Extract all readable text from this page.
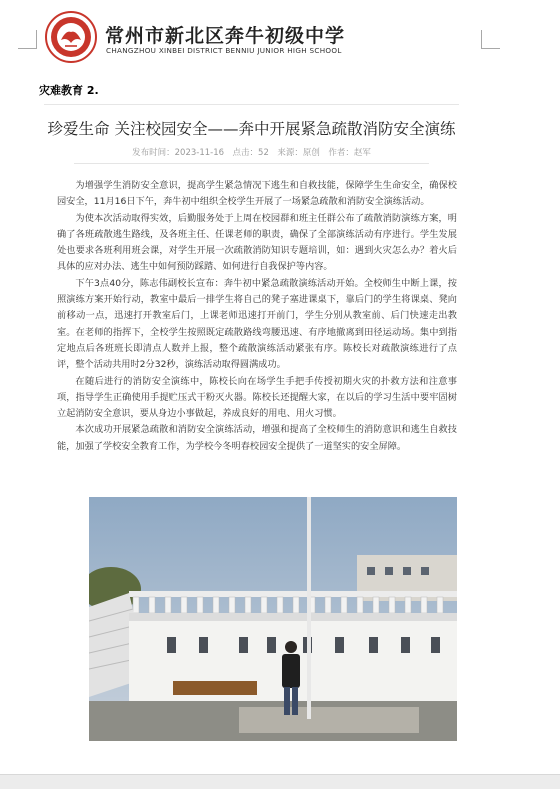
常州市新北区奔牛初级中学
CHANGZHOU XINBEI DISTRICT BENNIU JUNIOR HIGH SCHOOL
灾难教育 2.
珍爱生命 关注校园安全——奔中开展紧急疏散消防安全演练
发布时间：2023-11-16　点击：52　来源：原创　作者：赵军

为增强学生消防安全意识，提高学生紧急情况下逃生和自救技能，保障学生生命安全，确保校园安全，11月16日下午，奔牛初中组织全校学生开展了一场紧急疏散和消防安全演练活动。

为使本次活动取得实效，后勤服务处于上周在校园群和班主任群公布了疏散消防演练方案，明确了各班疏散逃生路线，及各班主任、任课老师的职责，确保了全部演练活动有序进行。学生发展处也要求各班利用班会课，对学生开展一次疏散消防知识专题培训，如：遇到火灾怎么办？着火后具体的应对办法、逃生中如何预防踩踏、如何进行自我保护等内容。

下午3点40分，陈志伟副校长宣布：奔牛初中紧急疏散演练活动开始。全校师生中断上课，按照演练方案开始行动，教室中最后一排学生将自己的凳子塞进课桌下，靠后门的学生将课桌、凳向前移动一点，迅速打开教室后门，上课老师迅速打开前门，学生分别从教室前、后门快速走出教室。在老师的指挥下，全校学生按照既定疏散路线弯腰迅速、有序地撤离到田径运动场。集中到指定地点后各班班长即清点人数并上报，整个疏散演练活动紧张有序。陈校长对疏散演练进行了点评，整个活动共用时2分32秒，演练活动取得圆满成功。

在随后进行的消防安全演练中，陈校长向在场学生手把手传授初期火灾的扑救方法和注意事项，指导学生正确使用手提贮压式干粉灭火器。陈校长还提醒大家，在以后的学习生活中要牢固树立起消防安全意识，要从身边小事做起，养成良好的用电、用火习惯。

本次成功开展紧急疏散和消防安全演练活动，增强和提高了全校师生的消防意识和逃生自救技能，加强了学校安全教育工作，为学校今冬明春校园安全提供了一道坚实的安全屏障。
